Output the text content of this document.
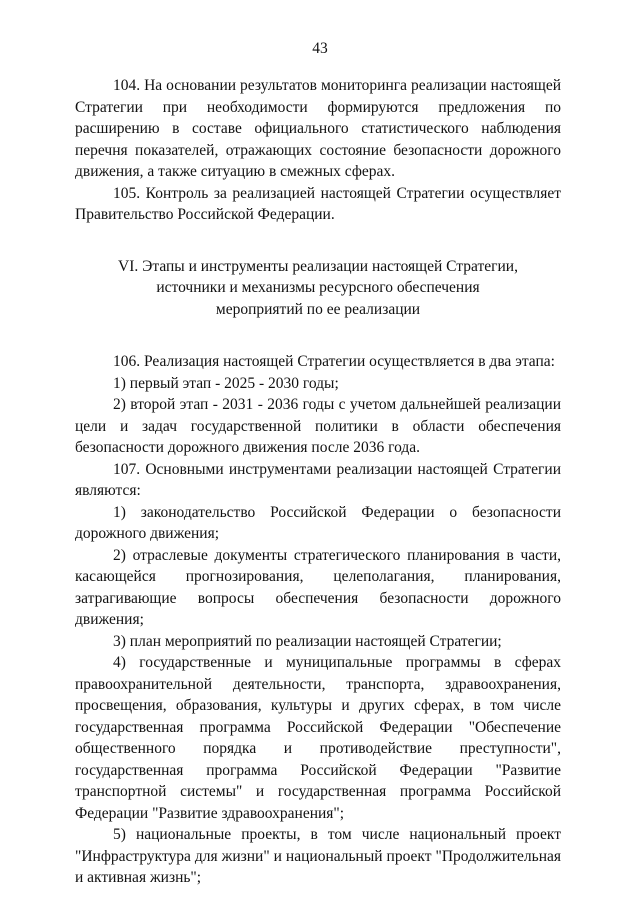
43

104. На основании результатов мониторинга реализации настоящей Стратегии при необходимости формируются предложения по расширению в составе официального статистического наблюдения перечня показателей, отражающих состояние безопасности дорожного движения, а также ситуацию в смежных сферах.

105. Контроль за реализацией настоящей Стратегии осуществляет Правительство Российской Федерации.

VI. Этапы и инструменты реализации настоящей Стратегии,
источники и механизмы ресурсного обеспечения
мероприятий по ее реализации

106. Реализация настоящей Стратегии осуществляется в два этапа:

1) первый этап - 2025 - 2030 годы;

2) второй этап - 2031 - 2036 годы с учетом дальнейшей реализации цели и задач государственной политики в области обеспечения безопасности дорожного движения после 2036 года.

107. Основными инструментами реализации настоящей Стратегии являются:

1) законодательство Российской Федерации о безопасности дорожного движения;

2) отраслевые документы стратегического планирования в части, касающейся прогнозирования, целеполагания, планирования, затрагивающие вопросы обеспечения безопасности дорожного движения;

3) план мероприятий по реализации настоящей Стратегии;

4) государственные и муниципальные программы в сферах правоохранительной деятельности, транспорта, здравоохранения, просвещения, образования, культуры и других сферах, в том числе государственная программа Российской Федерации "Обеспечение общественного порядка и противодействие преступности", государственная программа Российской Федерации "Развитие транспортной системы" и государственная программа Российской Федерации "Развитие здравоохранения";

5) национальные проекты, в том числе национальный проект "Инфраструктура для жизни" и национальный проект "Продолжительная и активная жизнь";
